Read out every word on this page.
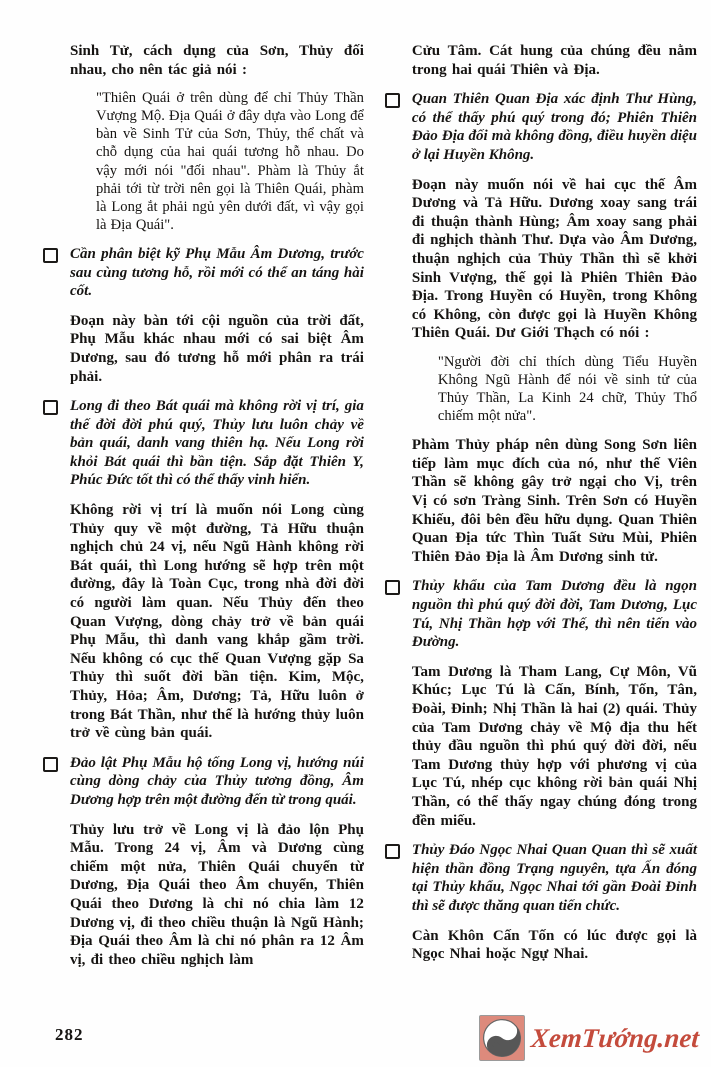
Sinh Tử, cách dụng của Sơn, Thủy đối nhau, cho nên tác giả nói :
"Thiên Quái ở trên dùng để chỉ Thủy Thần Vượng Mộ. Địa Quái ở đây dựa vào Long để bàn về Sinh Tử của Sơn, Thủy, thể chất và chỗ dụng của hai quái tương hỗ nhau. Do vậy mới nói "đối nhau". Phàm là Thủy ắt phải tới từ trời nên gọi là Thiên Quái, phàm là Long ắt phải ngủ yên dưới đất, vì vậy gọi là Địa Quái".
Cần phân biệt kỹ Phụ Mẫu Âm Dương, trước sau cùng tương hỗ, rồi mới có thể an táng hài cốt.
Đoạn này bàn tới cội nguồn của trời đất, Phụ Mẫu khác nhau mới có sai biệt Âm Dương, sau đó tương hỗ mới phân ra trái phải.
Long đi theo Bát quái mà không rời vị trí, gia thế đời đời phú quý, Thủy lưu luôn chảy về bản quái, danh vang thiên hạ. Nếu Long rời khỏi Bát quái thì bần tiện. Sắp đặt Thiên Y, Phúc Đức tốt thì có thể thấy vinh hiển.
Không rời vị trí là muốn nói Long cùng Thủy quy về một đường, Tả Hữu thuận nghịch chủ 24 vị, nếu Ngũ Hành không rời Bát quái, thì Long hướng sẽ hợp trên một đường, đây là Toàn Cục, trong nhà đời đời có người làm quan. Nếu Thủy đến theo Quan Vượng, dòng chảy trở về bản quái Phụ Mẫu, thì danh vang khắp gầm trời. Nếu không có cục thế Quan Vượng gặp Sa Thủy thì suốt đời bần tiện. Kim, Mộc, Thủy, Hỏa; Âm, Dương; Tả, Hữu luôn ở trong Bát Thần, như thế là hướng thủy luôn trở về cùng bản quái.
Đảo lật Phụ Mẫu hộ tống Long vị, hướng núi cùng dòng chảy của Thủy tương đồng, Âm Dương hợp trên một đường đến từ trong quái.
Thủy lưu trở về Long vị là đảo lộn Phụ Mẫu. Trong 24 vị, Âm và Dương cùng chiếm một nửa, Thiên Quái chuyển từ Dương, Địa Quái theo Âm chuyển, Thiên Quái theo Dương là chỉ nó chia làm 12 Dương vị, đi theo chiều thuận là Ngũ Hành; Địa Quái theo Âm là chỉ nó phân ra 12 Âm vị, đi theo chiều nghịch làm
Cửu Tâm. Cát hung của chúng đều nằm trong hai quái Thiên và Địa.
Quan Thiên Quan Địa xác định Thư Hùng, có thể thấy phú quý trong đó; Phiên Thiên Đảo Địa đối mà không đồng, điều huyền diệu ở lại Huyền Không.
Đoạn này muốn nói về hai cục thế Âm Dương và Tả Hữu. Dương xoay sang trái đi thuận thành Hùng; Âm xoay sang phải đi nghịch thành Thư. Dựa vào Âm Dương, thuận nghịch của Thủy Thần thì sẽ khởi Sinh Vượng, thế gọi là Phiên Thiên Đảo Địa. Trong Huyền có Huyền, trong Không có Không, còn được gọi là Huyền Không Thiên Quái. Dư Giới Thạch có nói :
"Người đời chỉ thích dùng Tiểu Huyền Không Ngũ Hành để nói về sinh tử của Thủy Thần, La Kinh 24 chữ, Thủy Thổ chiếm một nửa".
Phàm Thủy pháp nên dùng Song Sơn liên tiếp làm mục đích của nó, như thế Viên Thần sẽ không gây trở ngại cho Vị, trên Vị có sơn Tràng Sinh. Trên Sơn có Huyền Khiếu, đôi bên đều hữu dụng. Quan Thiên Quan Địa tức Thìn Tuất Sửu Mùi, Phiên Thiên Đảo Địa là Âm Dương sinh tử.
Thủy khẩu của Tam Dương đều là ngọn nguồn thì phú quý đời đời, Tam Dương, Lục Tú, Nhị Thần hợp với Thế, thì nên tiến vào Đường.
Tam Dương là Tham Lang, Cự Môn, Vũ Khúc; Lục Tú là Cấn, Bính, Tốn, Tân, Đoài, Đinh; Nhị Thần là hai (2) quái. Thủy của Tam Dương chảy về Mộ địa thu hết thủy đầu nguồn thì phú quý đời đời, nếu Tam Dương thủy hợp với phương vị của Lục Tú, nhép cục không rời bản quái Nhị Thần, có thể thấy ngay chúng đóng trong đền miếu.
Thủy Đáo Ngọc Nhai Quan Quan thì sẽ xuất hiện thần đồng Trạng nguyên, tựa Ấn đóng tại Thủy khẩu, Ngọc Nhai tới gần Đoài Đỉnh thì sẽ được thăng quan tiến chức.
Càn Khôn Cấn Tốn có lúc được gọi là Ngọc Nhai hoặc Ngự Nhai.
282	XemTướng.net
